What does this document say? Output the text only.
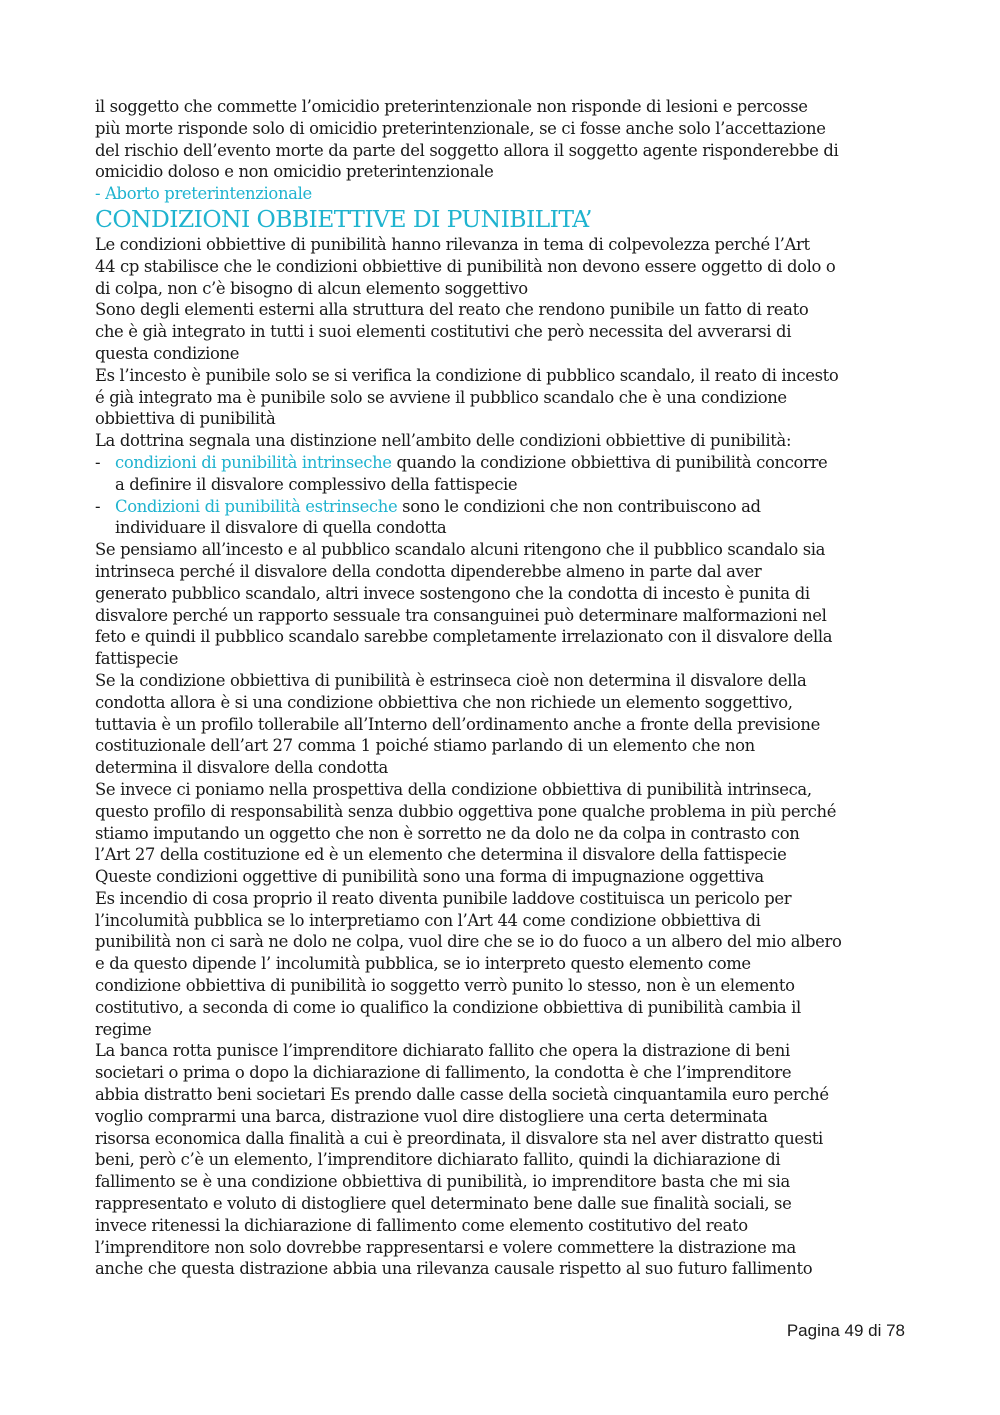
il soggetto che commette l’omicidio preterintenzionale non risponde di lesioni e percosse
più morte risponde solo di omicidio preterintenzionale, se ci fosse anche solo l’accettazione
del rischio dell’evento morte da parte del soggetto allora il soggetto agente risponderebbe di
omicidio doloso e non omicidio preterintenzionale
- Aborto preterintenzionale
CONDIZIONI OBBIETTIVE DI PUNIBILITA’
Le condizioni obbiettive di punibilità hanno rilevanza in tema di colpevolezza perché l’Art
44 cp stabilisce che le condizioni obbiettive di punibilità non devono essere oggetto di dolo o
di colpa, non c’è bisogno di alcun elemento soggettivo
Sono degli elementi esterni alla struttura del reato che rendono punibile un fatto di reato
che è già integrato in tutti i suoi elementi costitutivi che però necessita del avverarsi di
questa condizione
Es l’incesto è punibile solo se si verifica la condizione di pubblico scandalo, il reato di incesto
é già integrato ma è punibile solo se avviene il pubblico scandalo che è una condizione
obbiettiva di punibilità
La dottrina segnala una distinzione nell’ambito delle condizioni obbiettive di punibilità:
- condizioni di punibilità intrinseche quando la condizione obbiettiva di punibilità concorre
a definire il disvalore complessivo della fattispecie
- Condizioni di punibilità estrinseche sono le condizioni che non contribuiscono ad
individuare il disvalore di quella condotta
Se pensiamo all’incesto e al pubblico scandalo alcuni ritengono che il pubblico scandalo sia
intrinseca perché il disvalore della condotta dipenderebbe almeno in parte dal aver
generato pubblico scandalo, altri invece sostengono che la condotta di incesto è punita di
disvalore perché un rapporto sessuale tra consanguinei può determinare malformazioni nel
feto e quindi il pubblico scandalo sarebbe completamente irrelazionato con il disvalore della
fattispecie
Se la condizione obbiettiva di punibilità è estrinseca cioè non determina il disvalore della
condotta allora è si una condizione obbiettiva che non richiede un elemento soggettivo,
tuttavia è un profilo tollerabile all’Interno dell’ordinamento anche a fronte della previsione
costituzionale dell’art 27 comma 1 poiché stiamo parlando di un elemento che non
determina il disvalore della condotta
Se invece ci poniamo nella prospettiva della condizione obbiettiva di punibilità intrinseca,
questo profilo di responsabilità senza dubbio oggettiva pone qualche problema in più perché
stiamo imputando un oggetto che non è sorretto ne da dolo ne da colpa in contrasto con
l’Art 27 della costituzione ed è un elemento che determina il disvalore della fattispecie
Queste condizioni oggettive di punibilità sono una forma di impugnazione oggettiva
Es incendio di cosa proprio il reato diventa punibile laddove costituisca un pericolo per
l’incolumità pubblica se lo interpretiamo con l’Art 44 come condizione obbiettiva di
punibilità non ci sarà ne dolo ne colpa, vuol dire che se io do fuoco a un albero del mio albero
e da questo dipende l’ incolumità pubblica, se io interpreto questo elemento come
condizione obbiettiva di punibilità io soggetto verrò punito lo stesso, non è un elemento
costitutivo, a seconda di come io qualifico la condizione obbiettiva di punibilità cambia il
regime
La banca rotta punisce l’imprenditore dichiarato fallito che opera la distrazione di beni
societari o prima o dopo la dichiarazione di fallimento, la condotta è che l’imprenditore
abbia distratto beni societari Es prendo dalle casse della società cinquantamila euro perché
voglio comprarmi una barca, distrazione vuol dire distogliere una certa determinata
risorsa economica dalla finalità a cui è preordinata, il disvalore sta nel aver distratto questi
beni, però c’è un elemento, l’imprenditore dichiarato fallito, quindi la dichiarazione di
fallimento se è una condizione obbiettiva di punibilità, io imprenditore basta che mi sia
rappresentato e voluto di distogliere quel determinato bene dalle sue finalità sociali, se
invece ritenessi la dichiarazione di fallimento come elemento costitutivo del reato
l’imprenditore non solo dovrebbe rappresentarsi e volere commettere la distrazione ma
anche che questa distrazione abbia una rilevanza causale rispetto al suo futuro fallimento
Pagina 49 di 78
